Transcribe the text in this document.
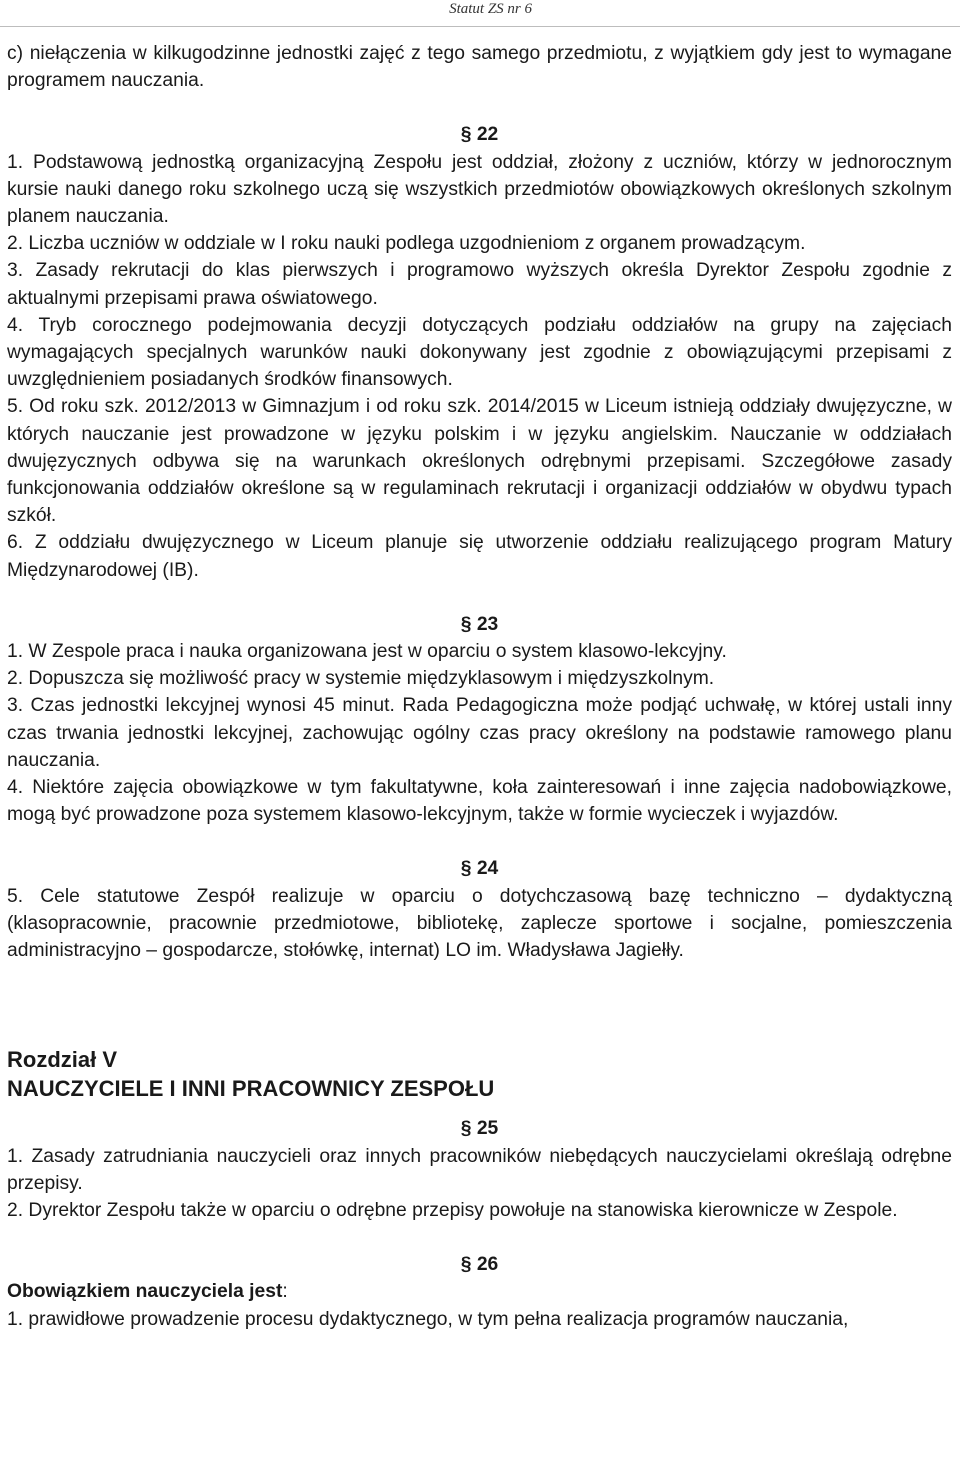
Statut ZS nr 6

c) niełączenia w kilkugodzinne jednostki zajęć z tego samego przedmiotu, z wyjątkiem gdy jest to wymagane programem nauczania.

§ 22

1. Podstawową jednostką organizacyjną Zespołu jest oddział, złożony z uczniów, którzy w jednorocznym kursie nauki danego roku szkolnego uczą się wszystkich przedmiotów obowiązkowych określonych szkolnym planem nauczania.

2. Liczba uczniów w oddziale w I roku nauki podlega uzgodnieniom z organem prowadzącym.

3. Zasady rekrutacji do klas pierwszych i programowo wyższych określa Dyrektor Zespołu zgodnie z aktualnymi przepisami prawa oświatowego.

4. Tryb corocznego podejmowania decyzji dotyczących podziału oddziałów na grupy na zajęciach wymagających specjalnych warunków nauki dokonywany jest zgodnie z obowiązującymi przepisami z uwzględnieniem posiadanych środków finansowych.

5. Od roku szk. 2012/2013 w Gimnazjum i od roku szk. 2014/2015 w Liceum istnieją oddziały dwujęzyczne, w których nauczanie jest prowadzone w języku polskim i w języku angielskim. Nauczanie w oddziałach dwujęzycznych odbywa się na warunkach określonych odrębnymi przepisami. Szczegółowe zasady funkcjonowania oddziałów określone są w regulaminach rekrutacji i organizacji oddziałów w obydwu typach szkół.

6. Z oddziału dwujęzycznego w Liceum planuje się utworzenie oddziału realizującego program Matury Międzynarodowej (IB).

§ 23

1. W Zespole praca i nauka organizowana jest w oparciu o system klasowo-lekcyjny.

2. Dopuszcza się możliwość pracy w systemie międzyklasowym i międzyszkolnym.

3. Czas jednostki lekcyjnej wynosi 45 minut. Rada Pedagogiczna może podjąć uchwałę, w której ustali inny czas trwania jednostki lekcyjnej, zachowując ogólny czas pracy określony na podstawie ramowego planu nauczania.

4. Niektóre zajęcia obowiązkowe w tym fakultatywne, koła zainteresowań i inne zajęcia nadobowiązkowe, mogą być prowadzone poza systemem klasowo-lekcyjnym, także w formie wycieczek i wyjazdów.

§ 24

5. Cele statutowe Zespół realizuje w oparciu o dotychczasową bazę techniczno – dydaktyczną (klasopracownie, pracownie przedmiotowe, bibliotekę, zaplecze sportowe i socjalne, pomieszczenia administracyjno – gospodarcze, stołówkę, internat) LO im. Władysława Jagiełły.

Rozdział V

NAUCZYCIELE I INNI PRACOWNICY ZESPOŁU

§ 25

1. Zasady zatrudniania nauczycieli oraz innych pracowników niebędących nauczycielami określają odrębne przepisy.

2. Dyrektor Zespołu także w oparciu o odrębne przepisy powołuje na stanowiska kierownicze w Zespole.

§ 26

Obowiązkiem nauczyciela jest:

1. prawidłowe prowadzenie procesu dydaktycznego, w tym pełna realizacja programów nauczania,
